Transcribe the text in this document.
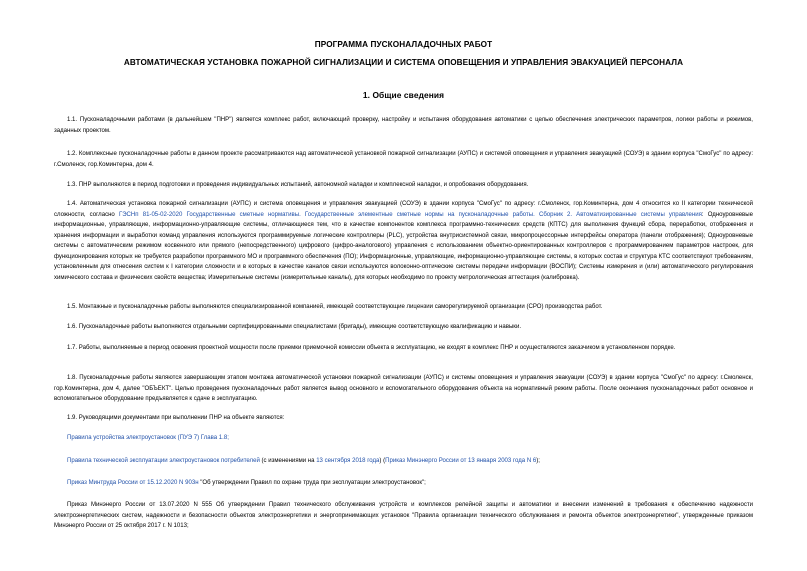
ПРОГРАММА ПУСКОНАЛАДОЧНЫХ РАБОТ
АВТОМАТИЧЕСКАЯ УСТАНОВКА ПОЖАРНОЙ СИГНАЛИЗАЦИИ И СИСТЕМА ОПОВЕЩЕНИЯ И УПРАВЛЕНИЯ ЭВАКУАЦИЕЙ ПЕРСОНАЛА
1. Общие сведения

1.1. Пусконаладочными работами (в дальнейшем "ПНР") является комплекс работ, включающий проверку, настройку и испытания оборудования автоматики с целью обеспечения электрических параметров, логики работы и режимов, заданных проектом.

1.2. Комплексные пусконаладочные работы в данном проекте рассматриваются над автоматической установкой пожарной сигнализации (АУПС) и системой оповещения и управления эвакуацией (СОУЭ) в здании корпуса "СмоГус" по адресу: г.Смоленск, гор.Коминтерна, дом 4.

1.3. ПНР выполняются в период подготовки и проведения индивидуальных испытаний, автономной наладки и комплексной наладки, и опробования оборудования.

1.4. Автоматическая установка пожарной сигнализации (АУПС) и система оповещения и управления эвакуацией (СОУЭ) в здании корпуса "СмоГус" по адресу: г.Смоленск, гор.Коминтерна, дом 4 относится ко II категории технической сложности, согласно ГЭСНп 81-05-02-2020 Государственные сметные нормативы. Государственные элементные сметные нормы на пусконаладочные работы. Сборник 2. Автоматизированные системы управления: Одноуровневые информационные, управляющие, информационно-управляющие системы, отличающиеся тем, что в качестве компонентов комплекса программно-технических средств (КПТС) для выполнения функций сбора, переработки, отображения и хранения информации и выработки команд управления используются программируемые логические контроллеры (PLC), устройства внутрисистемной связи, микропроцессорные интерфейсы оператора (панели отображения); Одноуровневые системы с автоматическим режимом косвенного или прямого (непосредственного) цифрового (цифро-аналогового) управления с использованием объектно-ориентированных контроллеров с программированием параметров настроек, для функционирования которых не требуется разработки программного МО и программного обеспечения (ПО); Информационные, управляющие, информационно-управляющие системы, в которых состав и структура КТС соответствуют требованиям, установленным для отнесения систем к I категории сложности и в которых в качестве каналов связи используются волоконно-оптические системы передачи информации (ВОСПИ); Системы измерения и (или) автоматического регулирования химического состава и физических свойств вещества; Измерительные системы (измерительные каналы), для которых необходимо по проекту метрологическая аттестация (калибровка).

1.5. Монтажные и пусконаладочные работы выполняются специализированной компанией, имеющей соответствующие лицензии саморегулируемой организации (СРО) производства работ.

1.6. Пусконаладочные работы выполняются отдельными сертифицированными специалистами (бригады), имеющие соответствующую квалификацию и навыки.

1.7. Работы, выполняемые в период освоения проектной мощности после приемки приемочной комиссии объекта в эксплуатацию, не входят в комплекс ПНР и осуществляются заказчиком в установленном порядке.

1.8. Пусконаладочные работы являются завершающим этапом монтажа автоматической установки пожарной сигнализации (АУПС) и системы оповещения и управления эвакуации (СОУЭ) в здании корпуса "СмоГус" по адресу: г.Смоленск, гор.Коминтерна, дом 4, далее "ОБЪЕКТ". Целью проведения пусконаладочных работ является вывод основного и вспомогательного оборудования объекта на нормативный режим работы. После окончания пусконаладочных работ основное и вспомогательное оборудование предъявляется к сдаче в эксплуатацию.

1.9. Руководящими документами при выполнении ПНР на объекте являются:

Правила устройства электроустановок (ПУЭ 7) Глава 1.8;

Правила технической эксплуатации электроустановок потребителей (с изменениями на 13 сентября 2018 года) (Приказ Минэнерго России от 13 января 2003 года N 6);

Приказ Минтруда России от 15.12.2020 N 903н "Об утверждении Правил по охране труда при эксплуатации электроустановок";

Приказ Минэнерго России от 13.07.2020 N 555 Об утверждении Правил технического обслуживания устройств и комплексов релейной защиты и автоматики и внесении изменений в требования к обеспечению надежности электроэнергетических систем, надежности и безопасности объектов электроэнергетики и энергопринимающих установок "Правила организации технического обслуживания и ремонта объектов электроэнергетики", утвержденные приказом Минэнерго России от 25 октября 2017 г. N 1013;
